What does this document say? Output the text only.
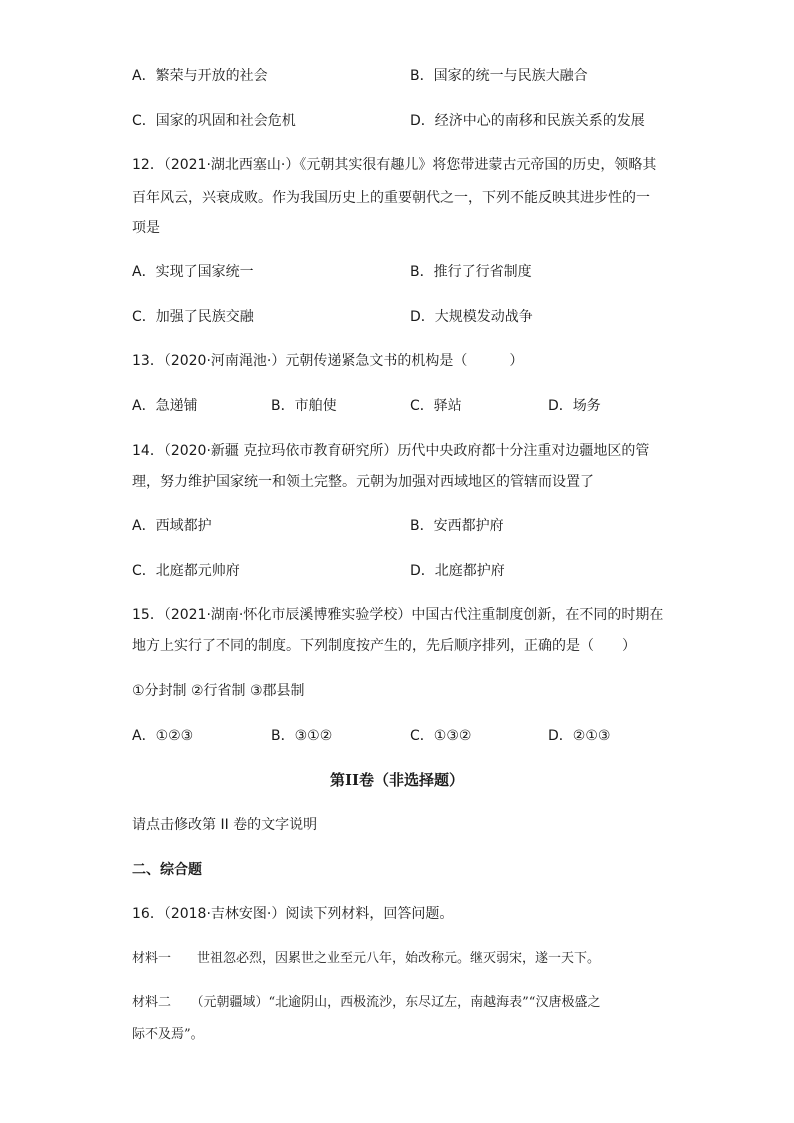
A．繁荣与开放的社会	B．国家的统一与民族大融合
C．国家的巩固和社会危机	D．经济中心的南移和民族关系的发展
12．（2021·湖北西塞山·）《元朝其实很有趣儿》将您带进蒙古元帝国的历史，领略其
百年风云，兴衰成败。作为我国历史上的重要朝代之一，下列不能反映其进步性的一
项是
A．实现了国家统一	B．推行了行省制度
C．加强了民族交融	D．大规模发动战争
13．（2020·河南渑池·）元朝传递紧急文书的机构是（　　　）
A．急递铺	B．市舶使	C．驿站	D．场务
14．（2020·新疆 克拉玛依市教育研究所）历代中央政府都十分注重对边疆地区的管
理，努力维护国家统一和领土完整。元朝为加强对西域地区的管辖而设置了
A．西域都护	B．安西都护府
C．北庭都元帅府	D．北庭都护府
15．（2021·湖南·怀化市辰溪博雅实验学校）中国古代注重制度创新，在不同的时期在
地方上实行了不同的制度。下列制度按产生的，先后顺序排列，正确的是（　　）
①分封制 ②行省制 ③郡县制
A．①②③	B．③①②	C．①③②	D．②①③
第II卷（非选择题）
请点击修改第 II 卷的文字说明
二、综合题
16．（2018·吉林安图·）阅读下列材料，回答问题。
材料一　　世祖忽必烈，因累世之业至元八年，始改称元。继灭弱宋，遂一天下。
材料二　　（元朝疆域）“北逾阴山，西极流沙，东尽辽左，南越海表”“汉唐极盛之
际不及焉”。
